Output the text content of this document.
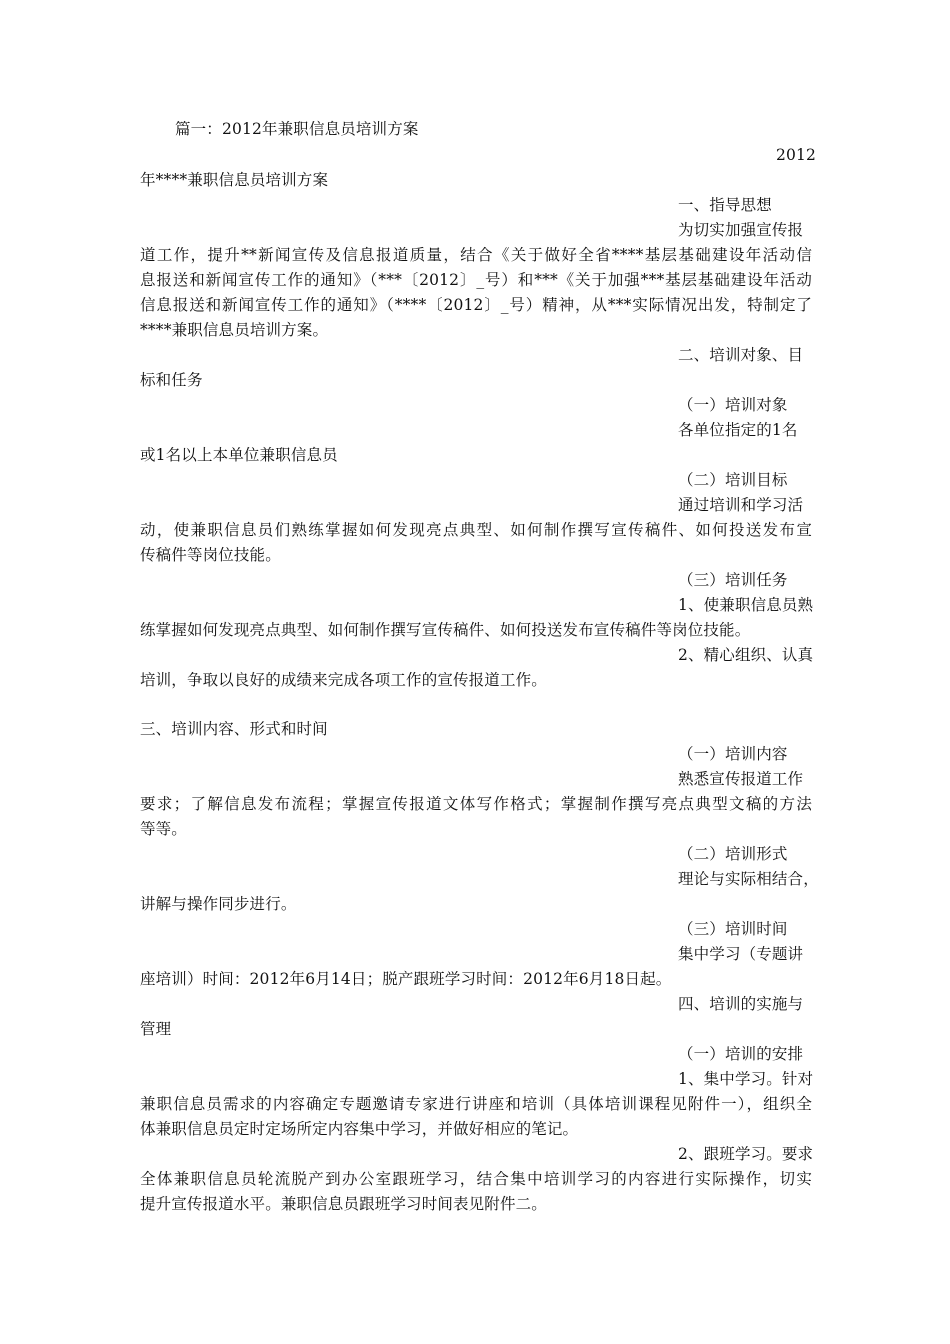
篇一：2012年兼职信息员培训方案
2012
年****兼职信息员培训方案
一、指导思想
为切实加强宣传报
道工作，提升**新闻宣传及信息报道质量，结合《关于做好全省****基层基础建设年活动信
息报送和新闻宣传工作的通知》（***〔2012〕_号）和***《关于加强***基层基础建设年活动
信息报送和新闻宣传工作的通知》（****〔2012〕_号）精神，从***实际情况出发，特制定了
****兼职信息员培训方案。
二、培训对象、目
标和任务
（一）培训对象
各单位指定的1名
或1名以上本单位兼职信息员
（二）培训目标
通过培训和学习活
动，使兼职信息员们熟练掌握如何发现亮点典型、如何制作撰写宣传稿件、如何投送发布宣
传稿件等岗位技能。
（三）培训任务
1、使兼职信息员熟
练掌握如何发现亮点典型、如何制作撰写宣传稿件、如何投送发布宣传稿件等岗位技能。
2、精心组织、认真
培训，争取以良好的成绩来完成各项工作的宣传报道工作。
三、培训内容、形式和时间
（一）培训内容
熟悉宣传报道工作
要求；了解信息发布流程；掌握宣传报道文体写作格式；掌握制作撰写亮点典型文稿的方法
等等。
（二）培训形式
理论与实际相结合，
讲解与操作同步进行。
（三）培训时间
集中学习（专题讲
座培训）时间：2012年6月14日；脱产跟班学习时间：2012年6月18日起。
四、培训的实施与
管理
（一）培训的安排
1、集中学习。针对
兼职信息员需求的内容确定专题邀请专家进行讲座和培训（具体培训课程见附件一），组织全
体兼职信息员定时定场所定内容集中学习，并做好相应的笔记。
2、跟班学习。要求
全体兼职信息员轮流脱产到办公室跟班学习，结合集中培训学习的内容进行实际操作，切实
提升宣传报道水平。兼职信息员跟班学习时间表见附件二。
